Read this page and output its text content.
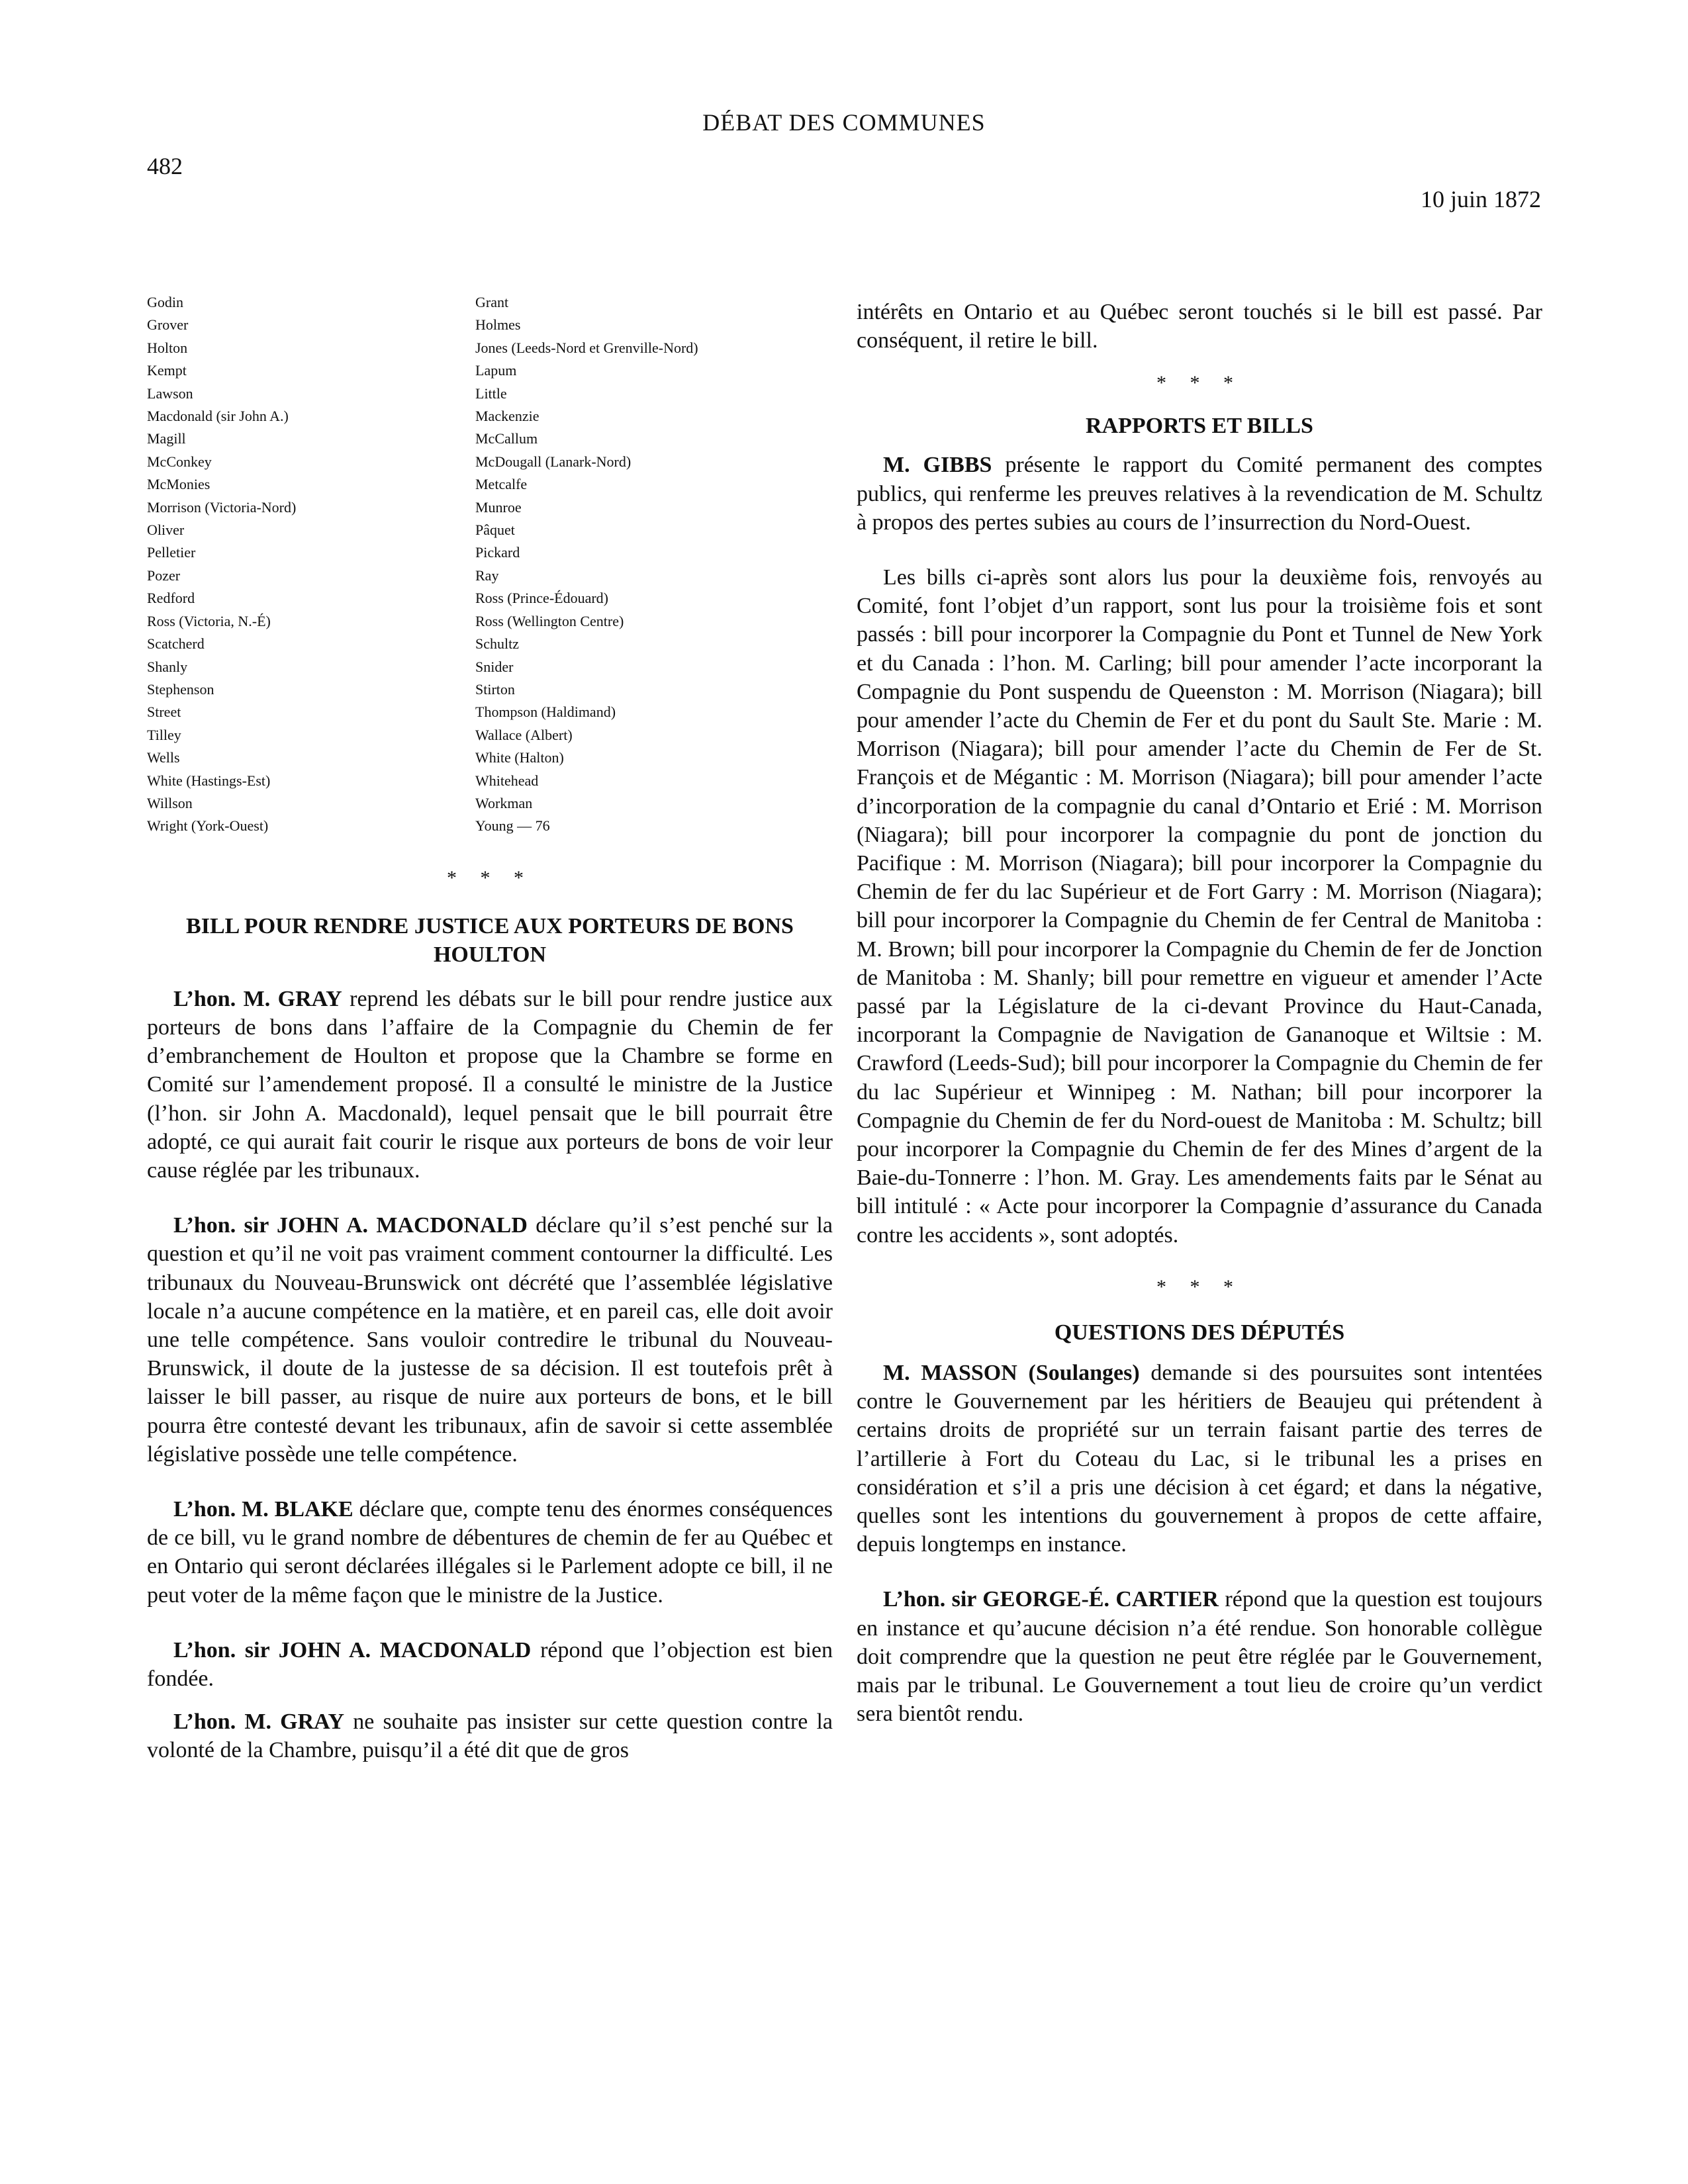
DÉBAT DES COMMUNES
482
10 juin 1872
Godin
Grover
Holton
Kempt
Lawson
Macdonald (sir John A.)
Magill
McConkey
McMonies
Morrison (Victoria-Nord)
Oliver
Pelletier
Pozer
Redford
Ross (Victoria, N.-É)
Scatcherd
Shanly
Stephenson
Street
Tilley
Wells
White (Hastings-Est)
Willson
Wright (York-Ouest)
Grant
Holmes
Jones (Leeds-Nord et Grenville-Nord)
Lapum
Little
Mackenzie
McCallum
McDougall (Lanark-Nord)
Metcalfe
Munroe
Pâquet
Pickard
Ray
Ross (Prince-Édouard)
Ross (Wellington Centre)
Schultz
Snider
Stirton
Thompson (Haldimand)
Wallace (Albert)
White (Halton)
Whitehead
Workman
Young — 76
* * *
BILL POUR RENDRE JUSTICE AUX PORTEURS DE BONS HOULTON

L’hon. M. GRAY reprend les débats sur le bill pour rendre justice aux porteurs de bons dans l’affaire de la Compagnie du Chemin de fer d’embranchement de Houlton et propose que la Chambre se forme en Comité sur l’amendement proposé. Il a consulté le ministre de la Justice (l’hon. sir John A. Macdonald), lequel pensait que le bill pourrait être adopté, ce qui aurait fait courir le risque aux porteurs de bons de voir leur cause réglée par les tribunaux.

L’hon. sir JOHN A. MACDONALD déclare qu’il s’est penché sur la question et qu’il ne voit pas vraiment comment contourner la difficulté. Les tribunaux du Nouveau-Brunswick ont décrété que l’assemblée législative locale n’a aucune compétence en la matière, et en pareil cas, elle doit avoir une telle compétence. Sans vouloir contredire le tribunal du Nouveau-Brunswick, il doute de la justesse de sa décision. Il est toutefois prêt à laisser le bill passer, au risque de nuire aux porteurs de bons, et le bill pourra être contesté devant les tribunaux, afin de savoir si cette assemblée législative possède une telle compétence.

L’hon. M. BLAKE déclare que, compte tenu des énormes conséquences de ce bill, vu le grand nombre de débentures de chemin de fer au Québec et en Ontario qui seront déclarées illégales si le Parlement adopte ce bill, il ne peut voter de la même façon que le ministre de la Justice.

L’hon. sir JOHN A. MACDONALD répond que l’objection est bien fondée.

L’hon. M. GRAY ne souhaite pas insister sur cette question contre la volonté de la Chambre, puisqu’il a été dit que de gros

intérêts en Ontario et au Québec seront touchés si le bill est passé. Par conséquent, il retire le bill.

* * *
RAPPORTS ET BILLS

M. GIBBS présente le rapport du Comité permanent des comptes publics, qui renferme les preuves relatives à la revendication de M. Schultz à propos des pertes subies au cours de l’insurrection du Nord-Ouest.

Les bills ci-après sont alors lus pour la deuxième fois, renvoyés au Comité, font l’objet d’un rapport, sont lus pour la troisième fois et sont passés : bill pour incorporer la Compagnie du Pont et Tunnel de New York et du Canada : l’hon. M. Carling; bill pour amender l’acte incorporant la Compagnie du Pont suspendu de Queenston : M. Morrison (Niagara); bill pour amender l’acte du Chemin de Fer et du pont du Sault Ste. Marie : M. Morrison (Niagara); bill pour amender l’acte du Chemin de Fer de St. François et de Mégantic : M. Morrison (Niagara); bill pour amender l’acte d’incorporation de la compagnie du canal d’Ontario et Erié : M. Morrison (Niagara); bill pour incorporer la compagnie du pont de jonction du Pacifique : M. Morrison (Niagara); bill pour incorporer la Compagnie du Chemin de fer du lac Supérieur et de Fort Garry : M. Morrison (Niagara); bill pour incorporer la Compagnie du Chemin de fer Central de Manitoba : M. Brown; bill pour incorporer la Compagnie du Chemin de fer de Jonction de Manitoba : M. Shanly; bill pour remettre en vigueur et amender l’Acte passé par la Législature de la ci-devant Province du Haut-Canada, incorporant la Compagnie de Navigation de Gananoque et Wiltsie : M. Crawford (Leeds-Sud); bill pour incorporer la Compagnie du Chemin de fer du lac Supérieur et Winnipeg : M. Nathan; bill pour incorporer la Compagnie du Chemin de fer du Nord-ouest de Manitoba : M. Schultz; bill pour incorporer la Compagnie du Chemin de fer des Mines d’argent de la Baie-du-Tonnerre : l’hon. M. Gray. Les amendements faits par le Sénat au bill intitulé : « Acte pour incorporer la Compagnie d’assurance du Canada contre les accidents », sont adoptés.

* * *
QUESTIONS DES DÉPUTÉS

M. MASSON (Soulanges) demande si des poursuites sont intentées contre le Gouvernement par les héritiers de Beaujeu qui prétendent à certains droits de propriété sur un terrain faisant partie des terres de l’artillerie à Fort du Coteau du Lac, si le tribunal les a prises en considération et s’il a pris une décision à cet égard; et dans la négative, quelles sont les intentions du gouvernement à propos de cette affaire, depuis longtemps en instance.

L’hon. sir GEORGE-É. CARTIER répond que la question est toujours en instance et qu’aucune décision n’a été rendue. Son honorable collègue doit comprendre que la question ne peut être réglée par le Gouvernement, mais par le tribunal. Le Gouvernement a tout lieu de croire qu’un verdict sera bientôt rendu.
